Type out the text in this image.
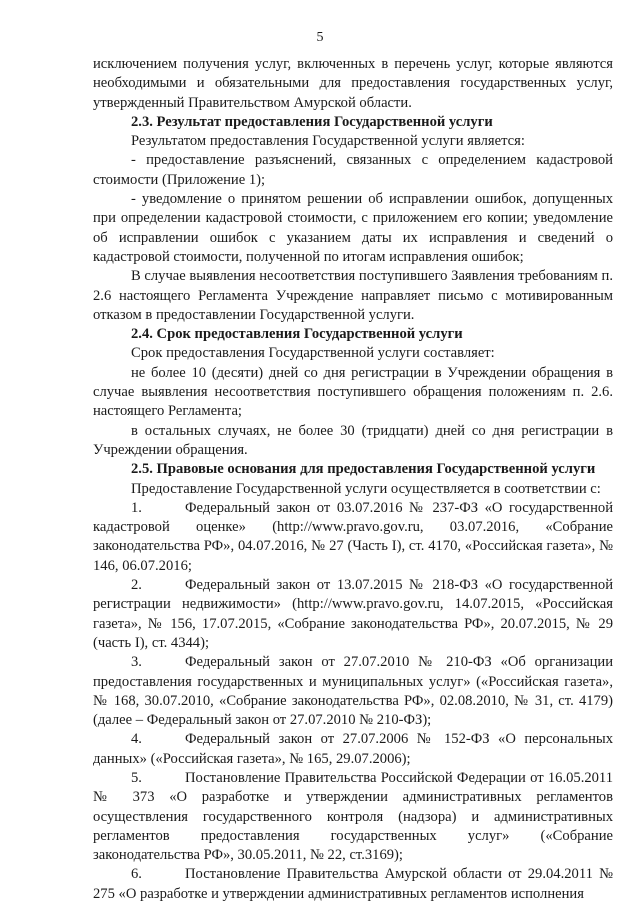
5

исключением получения услуг, включенных в перечень услуг, которые являются необходимыми и обязательными для предоставления государственных услуг, утвержденный Правительством Амурской области.

2.3. Результат предоставления Государственной услуги

Результатом предоставления Государственной услуги является:

- предоставление разъяснений, связанных с определением кадастровой стоимости (Приложение 1);

- уведомление о принятом решении об исправлении ошибок, допущенных при определении кадастровой стоимости, с приложением его копии; уведомление об исправлении ошибок с указанием даты их исправления и сведений о кадастровой стоимости, полученной по итогам исправления ошибок;

В случае выявления несоответствия поступившего Заявления требованиям п. 2.6 настоящего Регламента Учреждение направляет письмо с мотивированным отказом в предоставлении Государственной услуги.

2.4. Срок предоставления Государственной услуги

Срок предоставления Государственной услуги составляет:

не более 10 (десяти) дней со дня регистрации в Учреждении обращения в случае выявления несоответствия поступившего обращения положениям п. 2.6. настоящего Регламента;

в остальных случаях, не более 30 (тридцати) дней со дня регистрации в Учреждении обращения.

2.5. Правовые основания для предоставления Государственной услуги

Предоставление Государственной услуги осуществляется в соответствии с:

1.	Федеральный закон от 03.07.2016 № 237-ФЗ «О государственной кадастровой оценке» (http://www.pravo.gov.ru, 03.07.2016, «Собрание законодательства РФ», 04.07.2016, № 27 (Часть I), ст. 4170, «Российская газета», № 146, 06.07.2016;

2.	Федеральный закон от 13.07.2015 № 218-ФЗ «О государственной регистрации недвижимости» (http://www.pravo.gov.ru, 14.07.2015, «Российская газета», № 156, 17.07.2015, «Собрание законодательства РФ», 20.07.2015, № 29 (часть I), ст. 4344);

3.	Федеральный закон от 27.07.2010 № 210-ФЗ «Об организации предоставления государственных и муниципальных услуг» («Российская газета», № 168, 30.07.2010, «Собрание законодательства РФ», 02.08.2010, № 31, ст. 4179) (далее – Федеральный закон от 27.07.2010 № 210-ФЗ);

4.	Федеральный закон от 27.07.2006 № 152-ФЗ «О персональных данных» («Российская газета», № 165, 29.07.2006);

5.	Постановление Правительства Российской Федерации от 16.05.2011 № 373 «О разработке и утверждении административных регламентов осуществления государственного контроля (надзора) и административных регламентов предоставления государственных услуг» («Собрание законодательства РФ», 30.05.2011, № 22, ст.3169);

6.	Постановление Правительства Амурской области от 29.04.2011 № 275 «О разработке и утверждении административных регламентов исполнения
